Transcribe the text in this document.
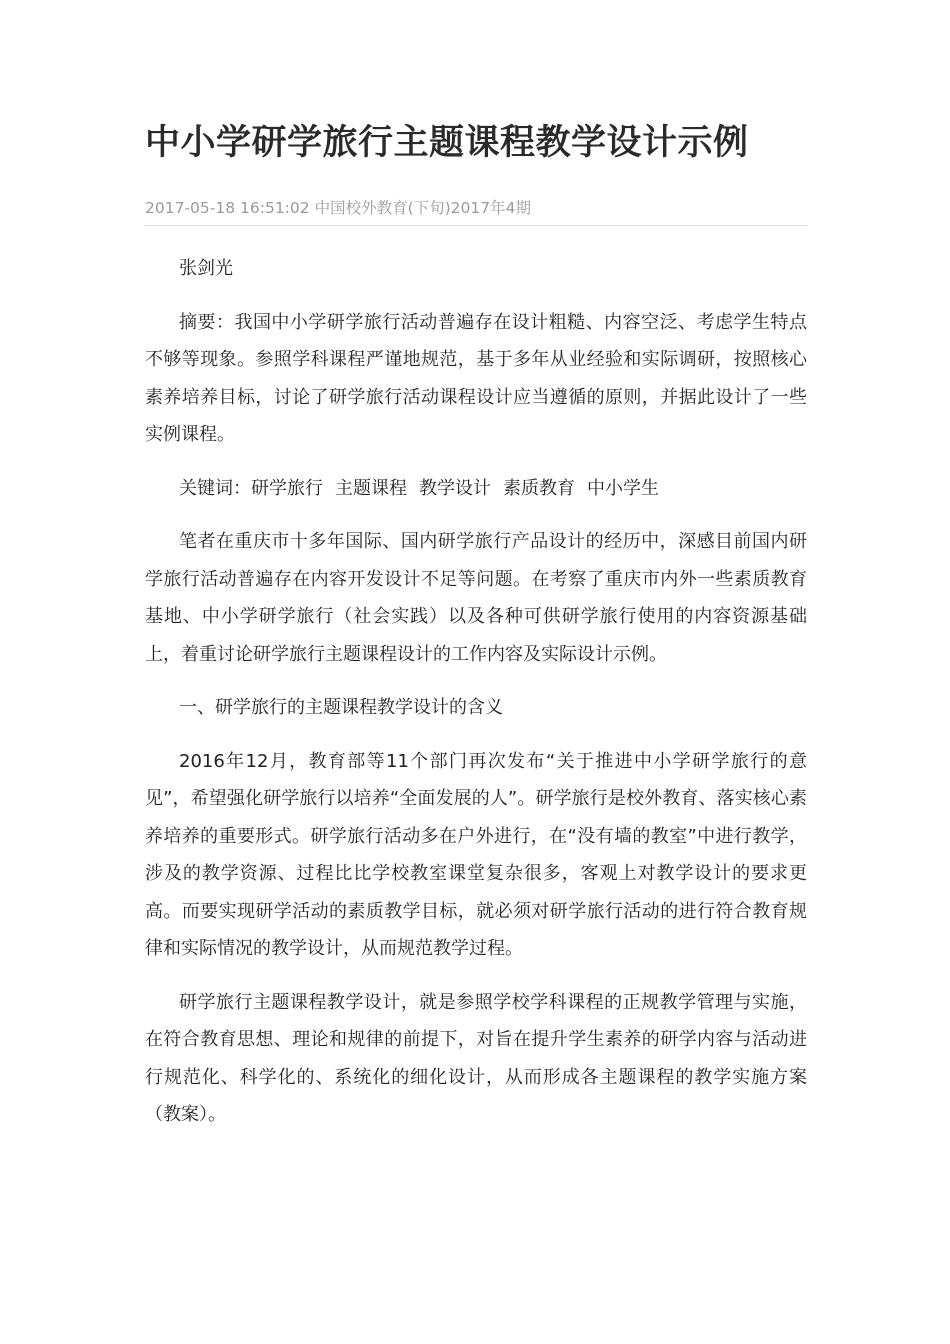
中小学研学旅行主题课程教学设计示例
2017-05-18 16:51:02 中国校外教育(下旬)2017年4期

张剑光

摘要：我国中小学研学旅行活动普遍存在设计粗糙、内容空泛、考虑学生特点不够等现象。参照学科课程严谨地规范，基于多年从业经验和实际调研，按照核心素养培养目标，讨论了研学旅行活动课程设计应当遵循的原则，并据此设计了一些实例课程。

关键词：研学旅行 主题课程 教学设计 素质教育 中小学生

笔者在重庆市十多年国际、国内研学旅行产品设计的经历中，深感目前国内研学旅行活动普遍存在内容开发设计不足等问题。在考察了重庆市内外一些素质教育基地、中小学研学旅行（社会实践）以及各种可供研学旅行使用的内容资源基础上，着重讨论研学旅行主题课程设计的工作内容及实际设计示例。

一、研学旅行的主题课程教学设计的含义

2016年12月，教育部等11个部门再次发布“关于推进中小学研学旅行的意见”，希望强化研学旅行以培养“全面发展的人”。研学旅行是校外教育、落实核心素养培养的重要形式。研学旅行活动多在户外进行，在“没有墙的教室”中进行教学，涉及的教学资源、过程比比学校教室课堂复杂很多，客观上对教学设计的要求更高。而要实现研学活动的素质教学目标，就必须对研学旅行活动的进行符合教育规律和实际情况的教学设计，从而规范教学过程。

研学旅行主题课程教学设计，就是参照学校学科课程的正规教学管理与实施，在符合教育思想、理论和规律的前提下，对旨在提升学生素养的研学内容与活动进行规范化、科学化的、系统化的细化设计，从而形成各主题课程的教学实施方案（教案）。
